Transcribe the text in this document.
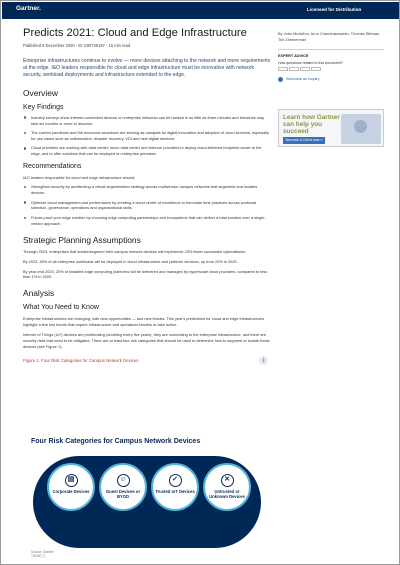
Gartner.	Licensed for Distribution
Predicts 2021: Cloud and Edge Infrastructure
Published 8 December 2020 - ID G00736187 - 15 min read

Enterprise infrastructures continue to evolve — more devices attaching to the network and more requirements at the edge. I&O leaders responsible for cloud and edge infrastructure must be innovative with network security, workload deployments and infrastructure extended to the edge.

Overview
Key Findings
Industry surveys show internet-connected devices on enterprise networks can be hacked in as little as three minutes and breaches may take six months or more to discover.
The current pandemic and the economic slowdown are serving as catalysts for digital innovation and adoption of cloud services, especially for use cases such as collaboration, disaster recovery, VDI and new digital services.
Cloud providers are working with data center, micro data center and telecom providers to deploy cloud-tethered footprints closer to the edge, and to offer solutions that can be deployed on enterprise premises.
Recommendations
I&O leaders responsible for cloud and edge infrastructure should:
Strengthen security by architecting a virtual segmentation strategy across multivendor campus networks that segments and isolates devices.
Optimize cloud management and performance by creating a cloud center of excellence to formulate best practices across workload selection, governance, operations and organizational skills.
Future-proof your edge solution by choosing edge computing partnerships and ecosystems that can deliver a total solution over a single-vendor approach.
Strategic Planning Assumptions
Through 2023, enterprises that isolate/segment their campus network devices will experience 25% fewer successful cyberattacks.
By 2023, 40% of all enterprise workloads will be deployed in cloud infrastructure and platform services, up from 20% in 2020.
By year-end 2023, 20% of installed edge computing platforms will be delivered and managed by hyperscale cloud providers, compared to less than 1% in 2020.
Analysis
What You Need to Know
Enterprise infrastructures are changing, with new opportunities — and new threats. This year's predictions for cloud and edge infrastructures highlight a few key trends that require infrastructure and operations leaders to take action.
Internet of Things (IoT) devices are proliferating (doubling every five years), they are connecting to the enterprise infrastructure, and there are security risks that need to be mitigated. There are at least four risk categories that should be used to determine how to segment or isolate these devices (see Figure 1).
Figure 1. Four Risk Categories for Campus Network Devices	⤓
Four Risk Categories for Campus Network Devices
▤
Corporate Devices
☺
Guest Devices or BYOD
✓
Trusted IoT Devices
✕
Untrusted or Unknown Devices
Source: Gartner
736187_C
By John McArthur, Arun Chandrasekaran, Thomas Bittman, Tim Zimmerman
EXPERT ADVICE
How questions related to this document?
Schedule an Inquiry
Learn how Gartner can help you succeed
Become a Client now »
